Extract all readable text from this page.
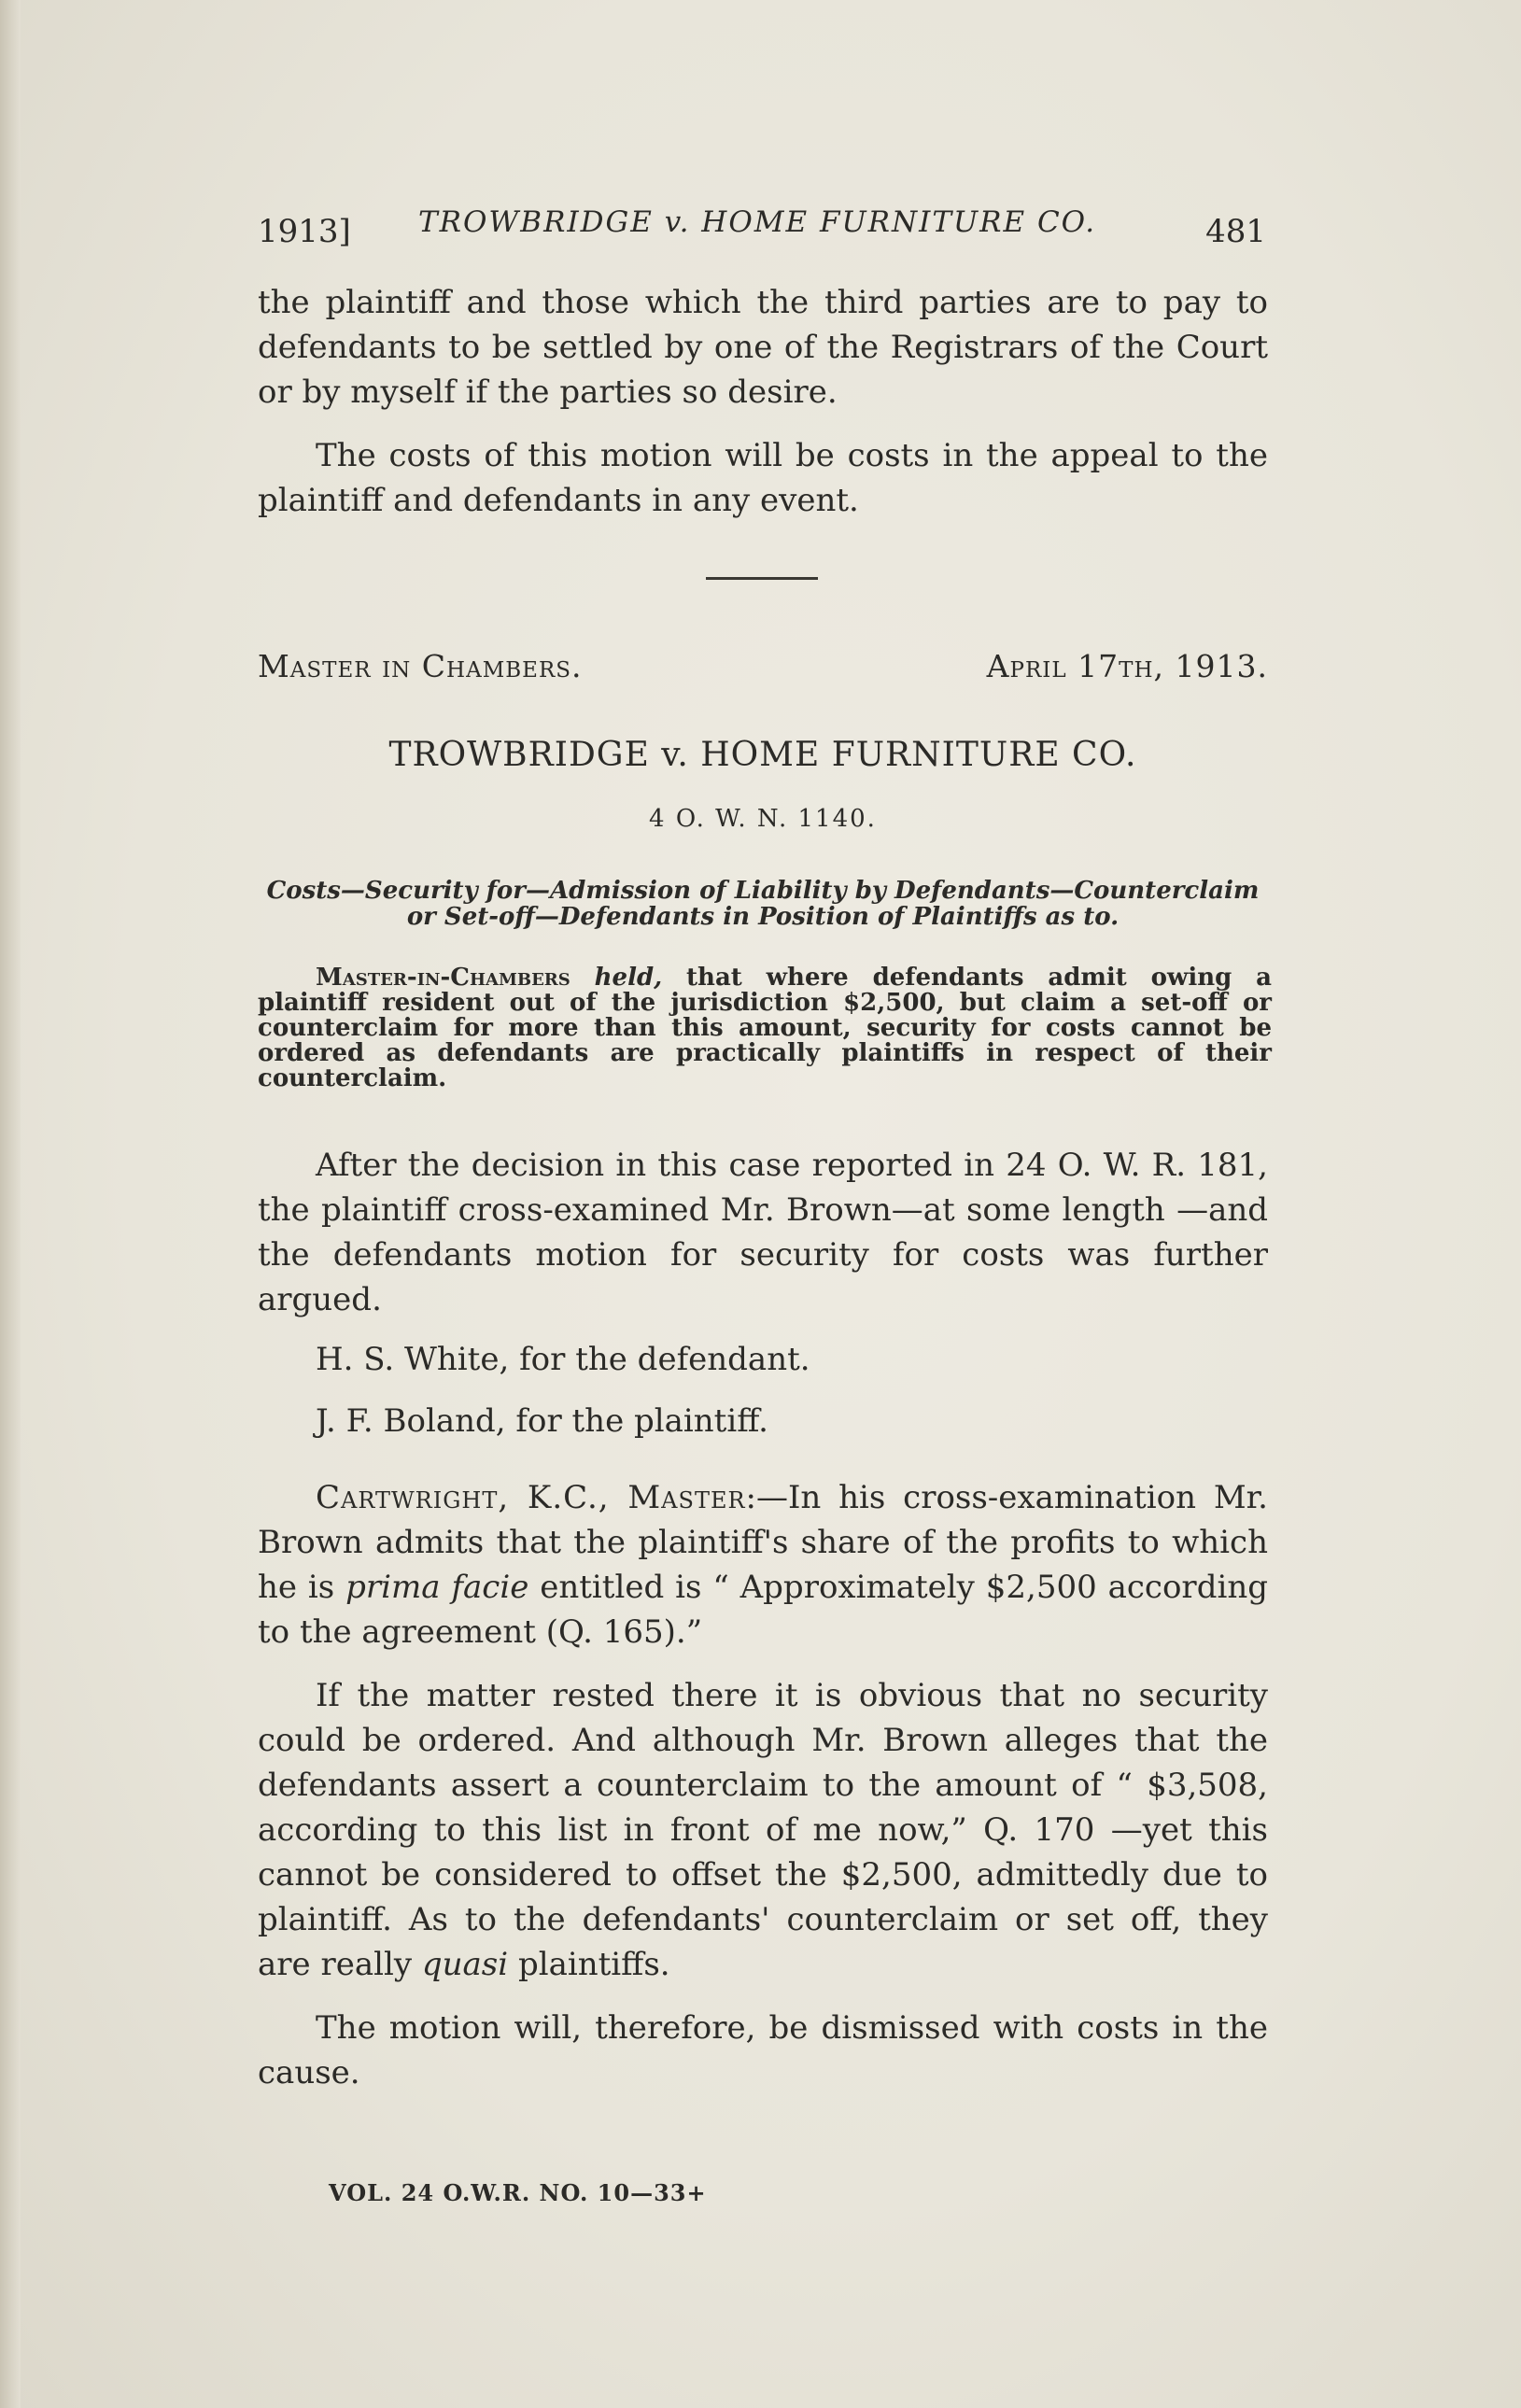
1913] TROWBRIDGE v. HOME FURNITURE CO.	481

the plaintiff and those which the third parties are to pay to defendants to be settled by one of the Registrars of the Court or by myself if the parties so desire.

The costs of this motion will be costs in the appeal to the plaintiff and defendants in any event.

Master in Chambers.	April 17th, 1913.
TROWBRIDGE v. HOME FURNITURE CO.
4 O. W. N. 1140.
Costs—Security for—Admission of Liability by Defendants—Counterclaim or Set-off—Defendants in Position of Plaintiffs as to.
Master-in-Chambers held, that where defendants admit owing a plaintiff resident out of the jurisdiction $2,500, but claim a set-off or counterclaim for more than this amount, security for costs cannot be ordered as defendants are practically plaintiffs in respect of their counterclaim.

After the decision in this case reported in 24 O. W. R. 181, the plaintiff cross-examined Mr. Brown—at some length —and the defendants motion for security for costs was further argued.

H. S. White, for the defendant.
J. F. Boland, for the plaintiff.

Cartwright, K.C., Master:—In his cross-examination Mr. Brown admits that the plaintiff's share of the profits to which he is prima facie entitled is “ Approximately $2,500 according to the agreement (Q. 165).”

If the matter rested there it is obvious that no security could be ordered. And although Mr. Brown alleges that the defendants assert a counterclaim to the amount of “ $3,508, according to this list in front of me now,” Q. 170 —yet this cannot be considered to offset the $2,500, admittedly due to plaintiff. As to the defendants' counterclaim or set off, they are really quasi plaintiffs.

The motion will, therefore, be dismissed with costs in the cause.

VOL. 24 O.W.R. NO. 10—33+
